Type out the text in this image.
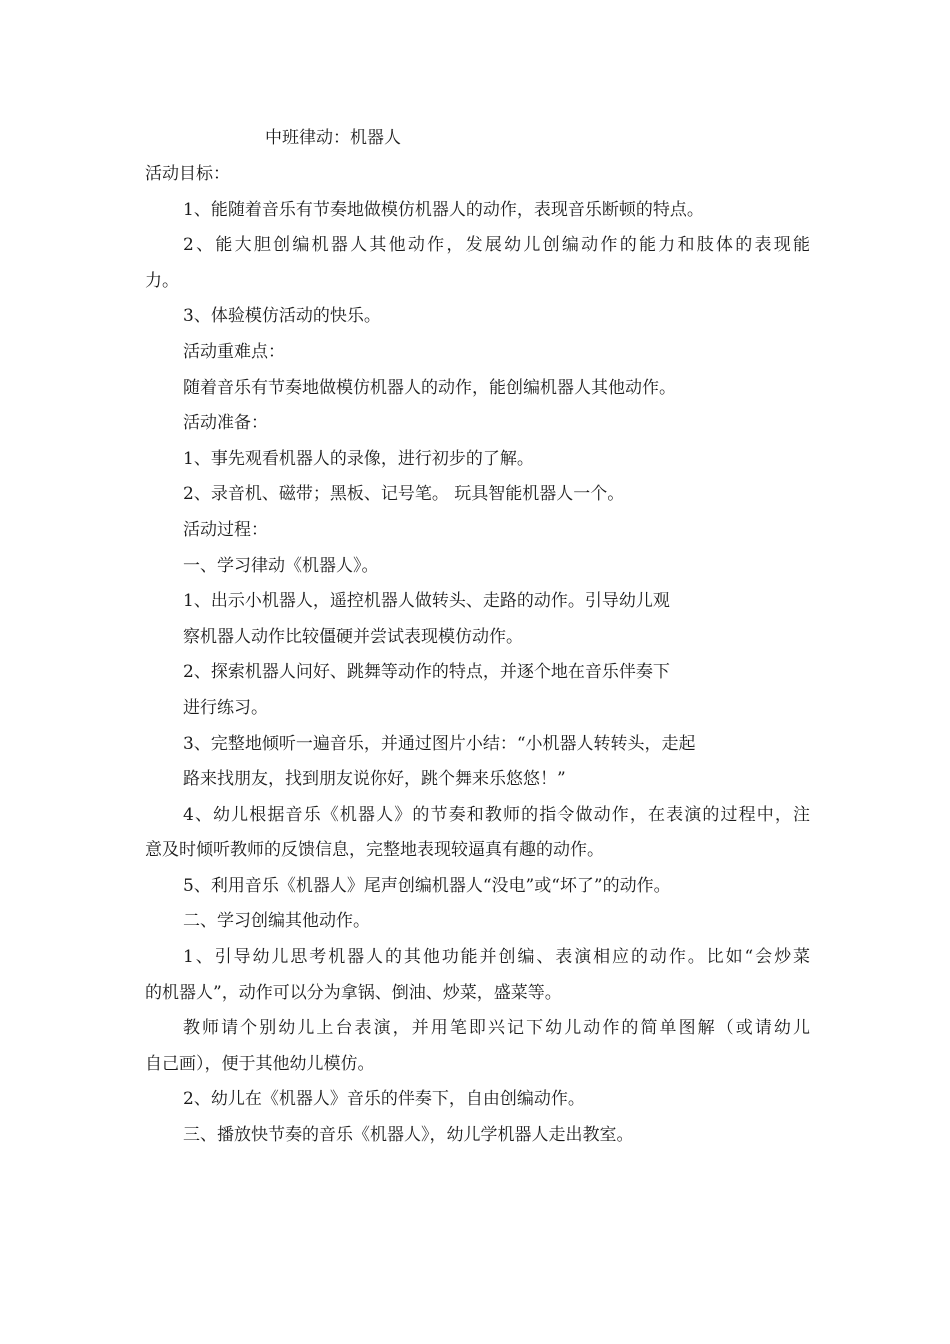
中班律动：机器人
活动目标：
1、能随着音乐有节奏地做模仿机器人的动作，表现音乐断顿的特点。
2、能大胆创编机器人其他动作，发展幼儿创编动作的能力和肢体的表现能
力。
3、体验模仿活动的快乐。
活动重难点：
随着音乐有节奏地做模仿机器人的动作，能创编机器人其他动作。
活动准备：
1、事先观看机器人的录像，进行初步的了解。
2、录音机、磁带；黑板、记号笔。 玩具智能机器人一个。
活动过程：
一、学习律动《机器人》。
1、出示小机器人，遥控机器人做转头、走路的动作。引导幼儿观
察机器人动作比较僵硬并尝试表现模仿动作。
2、探索机器人问好、跳舞等动作的特点，并逐个地在音乐伴奏下
进行练习。
3、完整地倾听一遍音乐，并通过图片小结：“小机器人转转头，走起
路来找朋友，找到朋友说你好，跳个舞来乐悠悠！”
4、幼儿根据音乐《机器人》的节奏和教师的指令做动作，在表演的过程中，注
意及时倾听教师的反馈信息，完整地表现较逼真有趣的动作。
5、利用音乐《机器人》尾声创编机器人“没电”或“坏了”的动作。
二、学习创编其他动作。
1、引导幼儿思考机器人的其他功能并创编、表演相应的动作。比如“会炒菜
的机器人”，动作可以分为拿锅、倒油、炒菜，盛菜等。
教师请个别幼儿上台表演，并用笔即兴记下幼儿动作的简单图解（或请幼儿
自己画），便于其他幼儿模仿。
2、幼儿在《机器人》音乐的伴奏下，自由创编动作。
三、播放快节奏的音乐《机器人》，幼儿学机器人走出教室。
